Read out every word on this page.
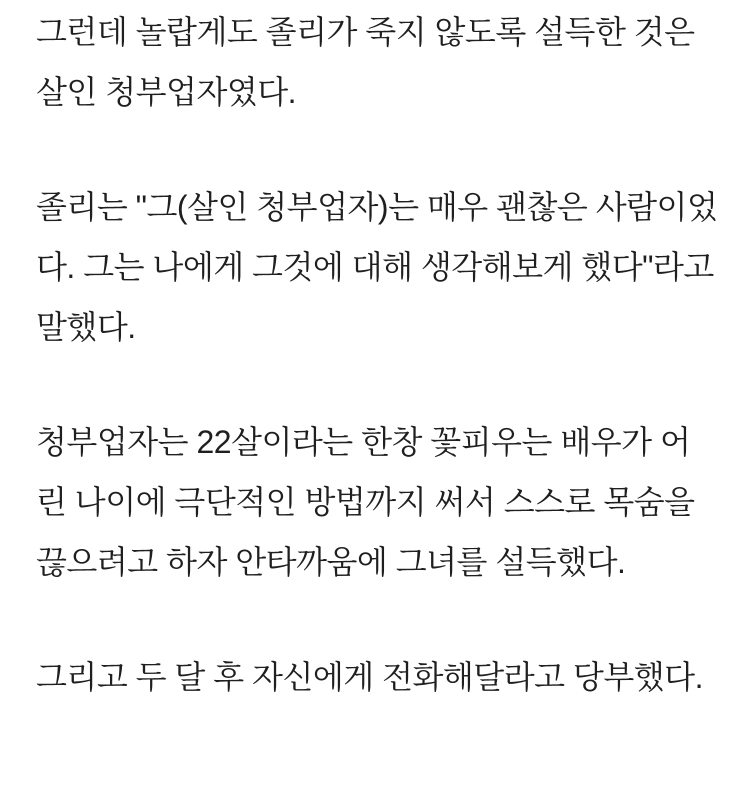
그런데 놀랍게도 졸리가 죽지 않도록 설득한 것은 살인 청부업자였다.

졸리는 "그(살인 청부업자)는 매우 괜찮은 사람이었다. 그는 나에게 그것에 대해 생각해보게 했다"라고 말했다.

청부업자는 22살이라는 한창 꽃피우는 배우가 어린 나이에 극단적인 방법까지 써서 스스로 목숨을 끊으려고 하자 안타까움에 그녀를 설득했다.

그리고 두 달 후 자신에게 전화해달라고 당부했다.
